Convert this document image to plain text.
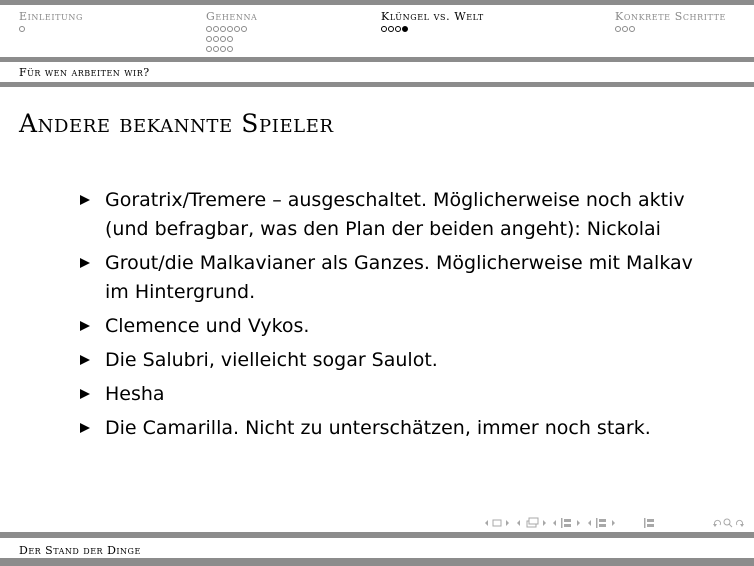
Einleitung	Gehenna	Klüngel vs. Welt	Konkrete Schritte
Für wen arbeiten wir?
Andere bekannte Spieler
Goratrix/Tremere – ausgeschaltet. Möglicherweise noch aktiv (und befragbar, was den Plan der beiden angeht): Nickolai
Grout/die Malkavianer als Ganzes. Möglicherweise mit Malkav im Hintergrund.
Clemence und Vykos.
Die Salubri, vielleicht sogar Saulot.
Hesha
Die Camarilla. Nicht zu unterschätzen, immer noch stark.
Der Stand der Dinge
